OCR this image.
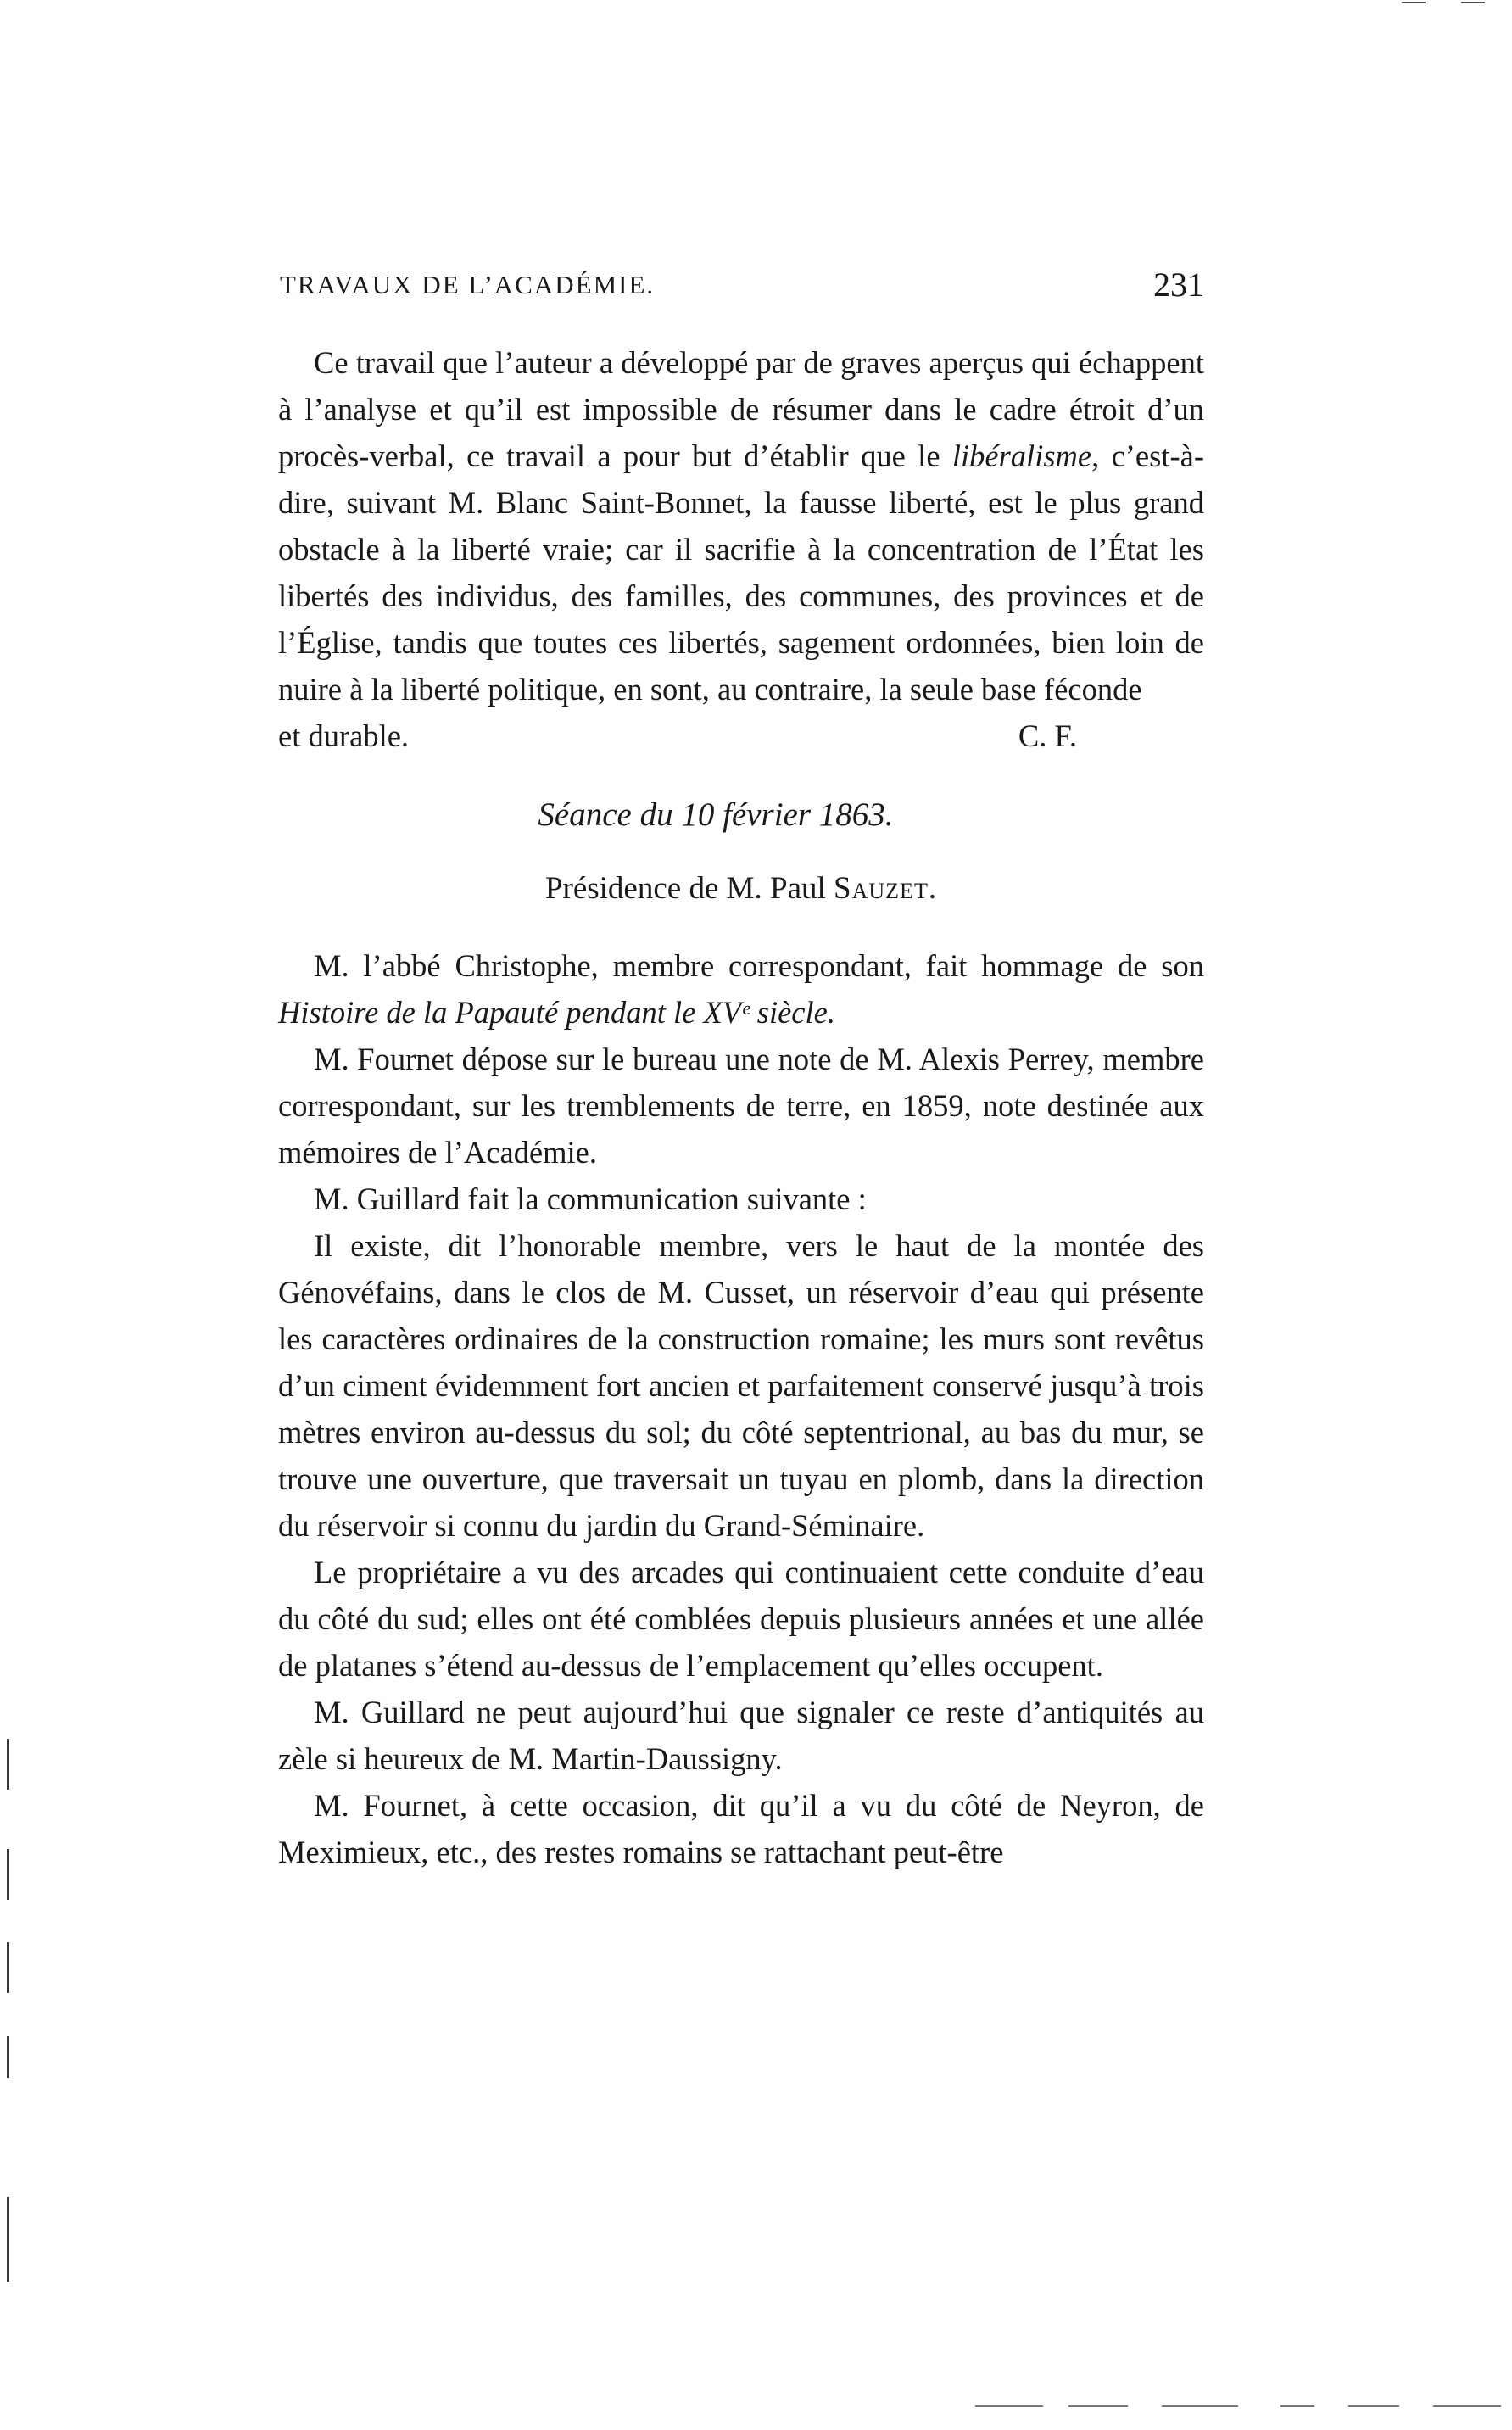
TRAVAUX DE L’ACADÉMIE.	231

Ce travail que l’auteur a développé par de graves aperçus qui échappent à l’analyse et qu’il est impossible de résumer dans le cadre étroit d’un procès-verbal, ce travail a pour but d’établir que le libéralisme, c’est-à-dire, suivant M. Blanc Saint-Bonnet, la fausse liberté, est le plus grand obstacle à la liberté vraie; car il sacrifie à la concentration de l’État les libertés des individus, des familles, des communes, des provinces et de l’Église, tandis que toutes ces libertés, sagement ordonnées, bien loin de nuire à la liberté politique, en sont, au contraire, la seule base féconde

et durable.	C. F.

Séance du 10 février 1863.

Présidence de M. Paul Sauzet.

M. l’abbé Christophe, membre correspondant, fait hommage de son Histoire de la Papauté pendant le XVᵉ siècle.

M. Fournet dépose sur le bureau une note de M. Alexis Perrey, membre correspondant, sur les tremblements de terre, en 1859, note destinée aux mémoires de l’Académie.

M. Guillard fait la communication suivante :

Il existe, dit l’honorable membre, vers le haut de la montée des Génovéfains, dans le clos de M. Cusset, un réservoir d’eau qui présente les caractères ordinaires de la construction romaine; les murs sont revêtus d’un ciment évidemment fort ancien et parfaitement conservé jusqu’à trois mètres environ au-dessus du sol; du côté septentrional, au bas du mur, se trouve une ouverture, que traversait un tuyau en plomb, dans la direction du réservoir si connu du jardin du Grand-Séminaire.

Le propriétaire a vu des arcades qui continuaient cette conduite d’eau du côté du sud; elles ont été comblées depuis plusieurs années et une allée de platanes s’étend au-dessus de l’emplacement qu’elles occupent.

M. Guillard ne peut aujourd’hui que signaler ce reste d’antiquités au zèle si heureux de M. Martin-Daussigny.

M. Fournet, à cette occasion, dit qu’il a vu du côté de Neyron, de Meximieux, etc., des restes romains se rattachant peut-être
